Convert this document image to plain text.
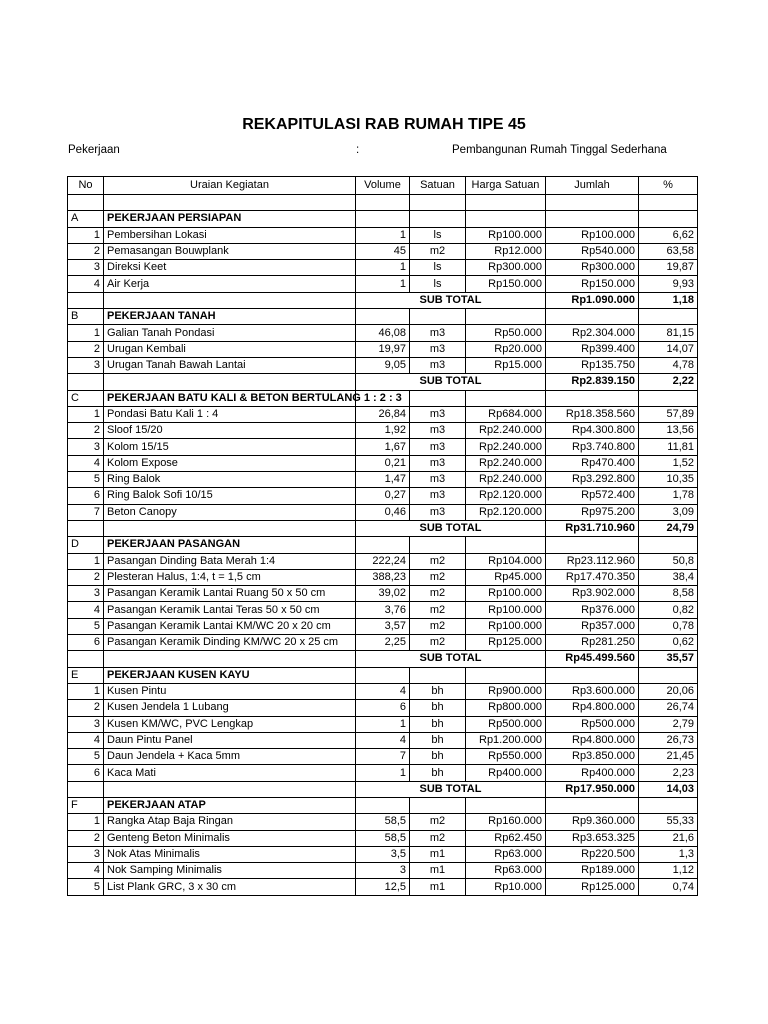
REKAPITULASI RAB RUMAH TIPE 45
Pekerjaan	:	Pembangunan Rumah Tinggal Sederhana
No	Uraian Kegiatan	Volume	Satuan	Harga Satuan	Jumlah	%

A	PEKERJAAN PERSIAPAN					
1	Pembersihan Lokasi	1	ls	Rp100.000	Rp100.000	6,62
2	Pemasangan Bouwplank	45	m2	Rp12.000	Rp540.000	63,58
3	Direksi Keet	1	ls	Rp300.000	Rp300.000	19,87
4	Air Kerja	1	ls	Rp150.000	Rp150.000	9,93
		SUB TOTAL			Rp1.090.000	1,18
B	PEKERJAAN TANAH					
1	Galian Tanah Pondasi	46,08	m3	Rp50.000	Rp2.304.000	81,15
2	Urugan Kembali	19,97	m3	Rp20.000	Rp399.400	14,07
3	Urugan Tanah Bawah Lantai	9,05	m3	Rp15.000	Rp135.750	4,78
		SUB TOTAL			Rp2.839.150	2,22
C	PEKERJAAN BATU KALI & BETON BERTULANG 1 : 2 : 3					
1	Pondasi Batu Kali 1 : 4	26,84	m3	Rp684.000	Rp18.358.560	57,89
2	Sloof 15/20	1,92	m3	Rp2.240.000	Rp4.300.800	13,56
3	Kolom 15/15	1,67	m3	Rp2.240.000	Rp3.740.800	11,81
4	Kolom Expose	0,21	m3	Rp2.240.000	Rp470.400	1,52
5	Ring Balok	1,47	m3	Rp2.240.000	Rp3.292.800	10,35
6	Ring Balok Sofi 10/15	0,27	m3	Rp2.120.000	Rp572.400	1,78
7	Beton Canopy	0,46	m3	Rp2.120.000	Rp975.200	3,09
		SUB TOTAL			Rp31.710.960	24,79
D	PEKERJAAN PASANGAN					
1	Pasangan Dinding Bata Merah 1:4	222,24	m2	Rp104.000	Rp23.112.960	50,8
2	Plesteran Halus, 1:4, t = 1,5 cm	388,23	m2	Rp45.000	Rp17.470.350	38,4
3	Pasangan Keramik Lantai Ruang 50 x 50 cm	39,02	m2	Rp100.000	Rp3.902.000	8,58
4	Pasangan Keramik Lantai Teras 50 x 50 cm	3,76	m2	Rp100.000	Rp376.000	0,82
5	Pasangan Keramik Lantai KM/WC 20 x 20 cm	3,57	m2	Rp100.000	Rp357.000	0,78
6	Pasangan Keramik Dinding KM/WC 20 x 25 cm	2,25	m2	Rp125.000	Rp281.250	0,62
		SUB TOTAL			Rp45.499.560	35,57
E	PEKERJAAN KUSEN KAYU					
1	Kusen Pintu	4	bh	Rp900.000	Rp3.600.000	20,06
2	Kusen Jendela 1 Lubang	6	bh	Rp800.000	Rp4.800.000	26,74
3	Kusen KM/WC, PVC Lengkap	1	bh	Rp500.000	Rp500.000	2,79
4	Daun Pintu Panel	4	bh	Rp1.200.000	Rp4.800.000	26,73
5	Daun Jendela + Kaca 5mm	7	bh	Rp550.000	Rp3.850.000	21,45
6	Kaca Mati	1	bh	Rp400.000	Rp400.000	2,23
		SUB TOTAL			Rp17.950.000	14,03
F	PEKERJAAN ATAP					
1	Rangka Atap Baja Ringan	58,5	m2	Rp160.000	Rp9.360.000	55,33
2	Genteng Beton Minimalis	58,5	m2	Rp62.450	Rp3.653.325	21,6
3	Nok Atas Minimalis	3,5	m1	Rp63.000	Rp220.500	1,3
4	Nok Samping Minimalis	3	m1	Rp63.000	Rp189.000	1,12
5	List Plank GRC, 3 x 30 cm	12,5	m1	Rp10.000	Rp125.000	0,74
